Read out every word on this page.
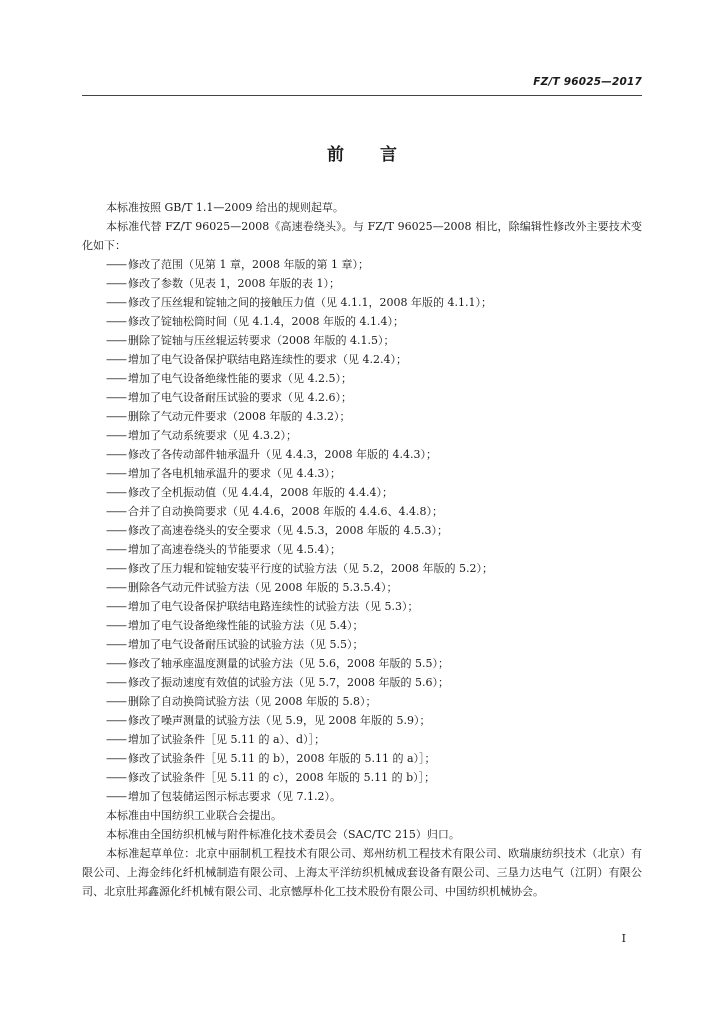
FZ/T 96025—2017
前言

本标准按照 GB/T 1.1—2009 给出的规则起草。

本标准代替 FZ/T 96025—2008《高速卷绕头》。与 FZ/T 96025—2008 相比，除编辑性修改外主要技术变化如下：

—— 修改了范围（见第 1 章，2008 年版的第 1 章）；
—— 修改了参数（见表 1，2008 年版的表 1）；
—— 修改了压丝辊和锭轴之间的接触压力值（见 4.1.1，2008 年版的 4.1.1）；
—— 修改了锭轴松筒时间（见 4.1.4，2008 年版的 4.1.4）；
—— 删除了锭轴与压丝辊运转要求（2008 年版的 4.1.5）；
—— 增加了电气设备保护联结电路连续性的要求（见 4.2.4）；
—— 增加了电气设备绝缘性能的要求（见 4.2.5）；
—— 增加了电气设备耐压试验的要求（见 4.2.6）；
—— 删除了气动元件要求（2008 年版的 4.3.2）；
—— 增加了气动系统要求（见 4.3.2）；
—— 修改了各传动部件轴承温升（见 4.4.3，2008 年版的 4.4.3）；
—— 增加了各电机轴承温升的要求（见 4.4.3）；
—— 修改了全机振动值（见 4.4.4，2008 年版的 4.4.4）；
—— 合并了自动换筒要求（见 4.4.6，2008 年版的 4.4.6、4.4.8）；
—— 修改了高速卷绕头的安全要求（见 4.5.3，2008 年版的 4.5.3）；
—— 增加了高速卷绕头的节能要求（见 4.5.4）；
—— 修改了压力辊和锭轴安装平行度的试验方法（见 5.2，2008 年版的 5.2）；
—— 删除各气动元件试验方法（见 2008 年版的 5.3.5.4）；
—— 增加了电气设备保护联结电路连续性的试验方法（见 5.3）；
—— 增加了电气设备绝缘性能的试验方法（见 5.4）；
—— 增加了电气设备耐压试验的试验方法（见 5.5）；
—— 修改了轴承座温度测量的试验方法（见 5.6，2008 年版的 5.5）；
—— 修改了振动速度有效值的试验方法（见 5.7，2008 年版的 5.6）；
—— 删除了自动换筒试验方法（见 2008 年版的 5.8）；
—— 修改了噪声测量的试验方法（见 5.9，见 2008 年版的 5.9）；
—— 增加了试验条件［见 5.11 的 a）、d）］；
—— 修改了试验条件［见 5.11 的 b），2008 年版的 5.11 的 a）］；
—— 修改了试验条件［见 5.11 的 c），2008 年版的 5.11 的 b）］；
—— 增加了包装储运图示标志要求（见 7.1.2）。

本标准由中国纺织工业联合会提出。

本标准由全国纺织机械与附件标准化技术委员会（SAC/TC 215）归口。

本标准起草单位：北京中丽制机工程技术有限公司、郑州纺机工程技术有限公司、欧瑞康纺织技术（北京）有限公司、上海金纬化纤机械制造有限公司、上海太平洋纺织机械成套设备有限公司、三垦力达电气（江阴）有限公司、北京肚邦鑫源化纤机械有限公司、北京憾厚朴化工技术股份有限公司、中国纺织机械协会。

I
